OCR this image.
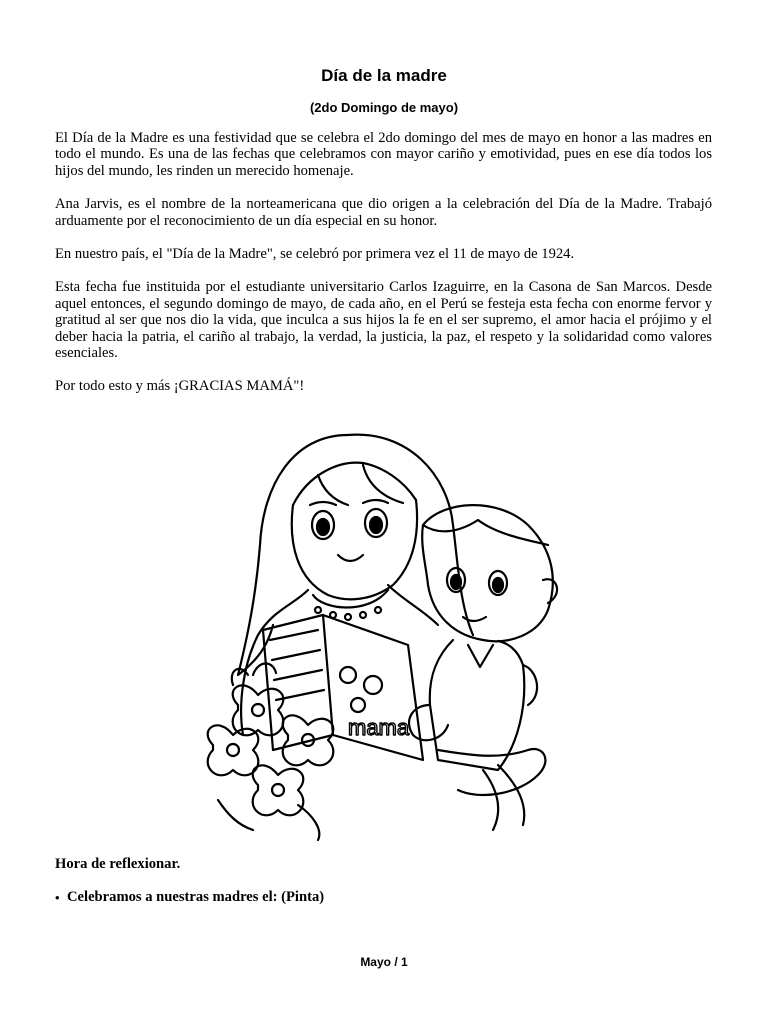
Día de la madre
(2do Domingo de mayo)

El Día de la Madre es una festividad que se celebra el 2do domingo del mes de mayo en honor a las madres en todo el mundo. Es una de las fechas que celebramos con mayor cariño y emotividad, pues en ese día todos los hijos del mundo, les rinden un merecido homenaje.

Ana Jarvis, es el nombre de la norteamericana que dio origen a la celebración del Día de la Madre. Trabajó arduamente por el reconocimiento de un día especial en su honor.

En nuestro país, el "Día de la Madre", se celebró por primera vez el 11 de mayo de 1924.

Esta fecha fue instituida por el estudiante universitario Carlos Izaguirre, en la Casona de San Marcos. Desde aquel entonces, el segundo domingo de mayo, de cada año, en el Perú se festeja esta fecha con enorme fervor y gratitud al ser que nos dio la vida, que inculca a sus hijos la fe en el ser supremo, el amor hacia el prójimo y el deber hacia la patria, el cariño al trabajo, la verdad, la justicia, la paz, el respeto y la solidaridad como valores esenciales.

Por todo esto y más ¡GRACIAS MAMÁ"!

mama
Hora de reflexionar.
• Celebramos a nuestras madres el: (Pinta)
Mayo / 1
